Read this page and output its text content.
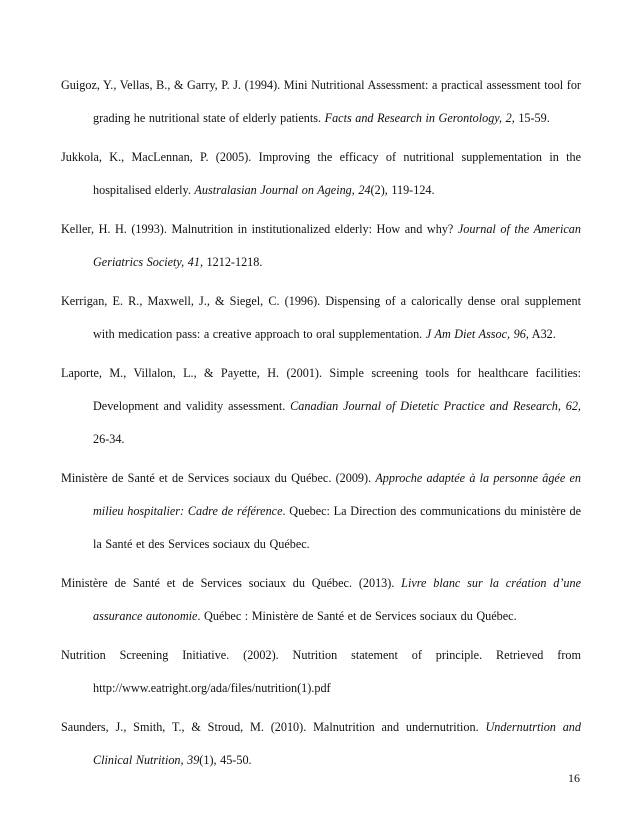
Guigoz, Y., Vellas, B., & Garry, P. J. (1994). Mini Nutritional Assessment: a practical assessment tool for grading he nutritional state of elderly patients. Facts and Research in Gerontology, 2, 15-59.

Jukkola, K., MacLennan, P. (2005). Improving the efficacy of nutritional supplementation in the hospitalised elderly. Australasian Journal on Ageing, 24(2), 119-124.

Keller, H. H. (1993). Malnutrition in institutionalized elderly: How and why? Journal of the American Geriatrics Society, 41, 1212-1218.

Kerrigan, E. R., Maxwell, J., & Siegel, C. (1996). Dispensing of a calorically dense oral supplement with medication pass: a creative approach to oral supplementation. J Am Diet Assoc, 96, A32.

Laporte, M., Villalon, L., & Payette, H. (2001). Simple screening tools for healthcare facilities: Development and validity assessment. Canadian Journal of Dietetic Practice and Research, 62, 26-34.

Ministère de Santé et de Services sociaux du Québec. (2009). Approche adaptée à la personne âgée en milieu hospitalier: Cadre de référence. Quebec: La Direction des communications du ministère de la Santé et des Services sociaux du Québec.

Ministère de Santé et de Services sociaux du Québec. (2013). Livre blanc sur la création d’une assurance autonomie. Québec : Ministère de Santé et de Services sociaux du Québec.

Nutrition Screening Initiative. (2002). Nutrition statement of principle. Retrieved from http://www.eatright.org/ada/files/nutrition(1).pdf

Saunders, J., Smith, T., & Stroud, M. (2010). Malnutrition and undernutrition. Undernutrtion and Clinical Nutrition, 39(1), 45-50.

16
